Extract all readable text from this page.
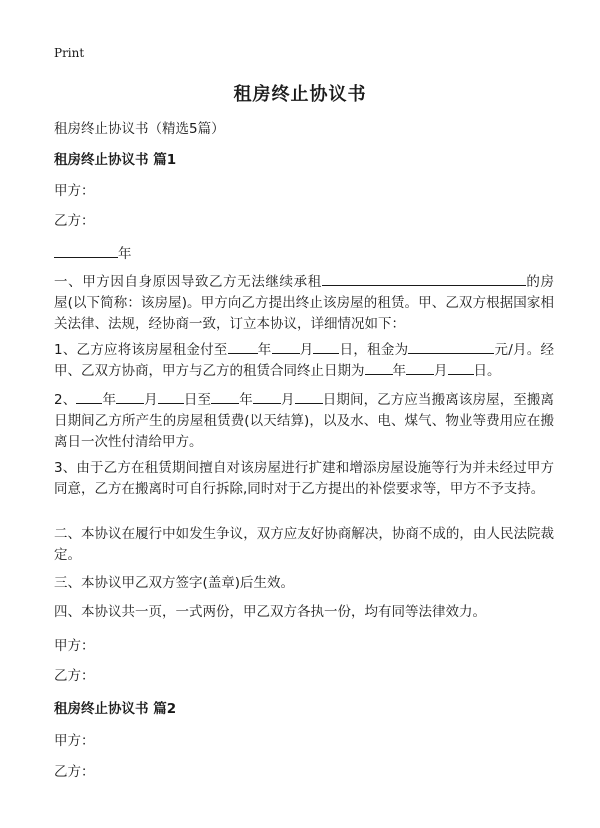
Print
租房终止协议书
租房终止协议书（精选5篇）
租房终止协议书 篇1
甲方：
乙方：
年
一、甲方因自身原因导致乙方无法继续承租	的房屋(以下简称：该房屋)。甲方向乙方提出终止该房屋的租赁。甲、乙双方根据国家相关法律、法规，经协商一致，订立本协议，详细情况如下：
1、乙方应将该房屋租金付至 年 月 日，租金为	元/月。经甲、乙双方协商，甲方与乙方的租赁合同终止日期为 年 月 日。
2、 年 月 日至 年 月 日期间，乙方应当搬离该房屋，至搬离日期间乙方所产生的房屋租赁费(以天结算)，以及水、电、煤气、物业等费用应在搬离日一次性付清给甲方。
3、由于乙方在租赁期间擅自对该房屋进行扩建和增添房屋设施等行为并未经过甲方同意，乙方在搬离时可自行拆除,同时对于乙方提出的补偿要求等，甲方不予支持。
二、本协议在履行中如发生争议，双方应友好协商解决，协商不成的，由人民法院裁定。
三、本协议甲乙双方签字(盖章)后生效。
四、本协议共一页，一式两份，甲乙双方各执一份，均有同等法律效力。
甲方：
乙方：
租房终止协议书 篇2
甲方：
乙方：
